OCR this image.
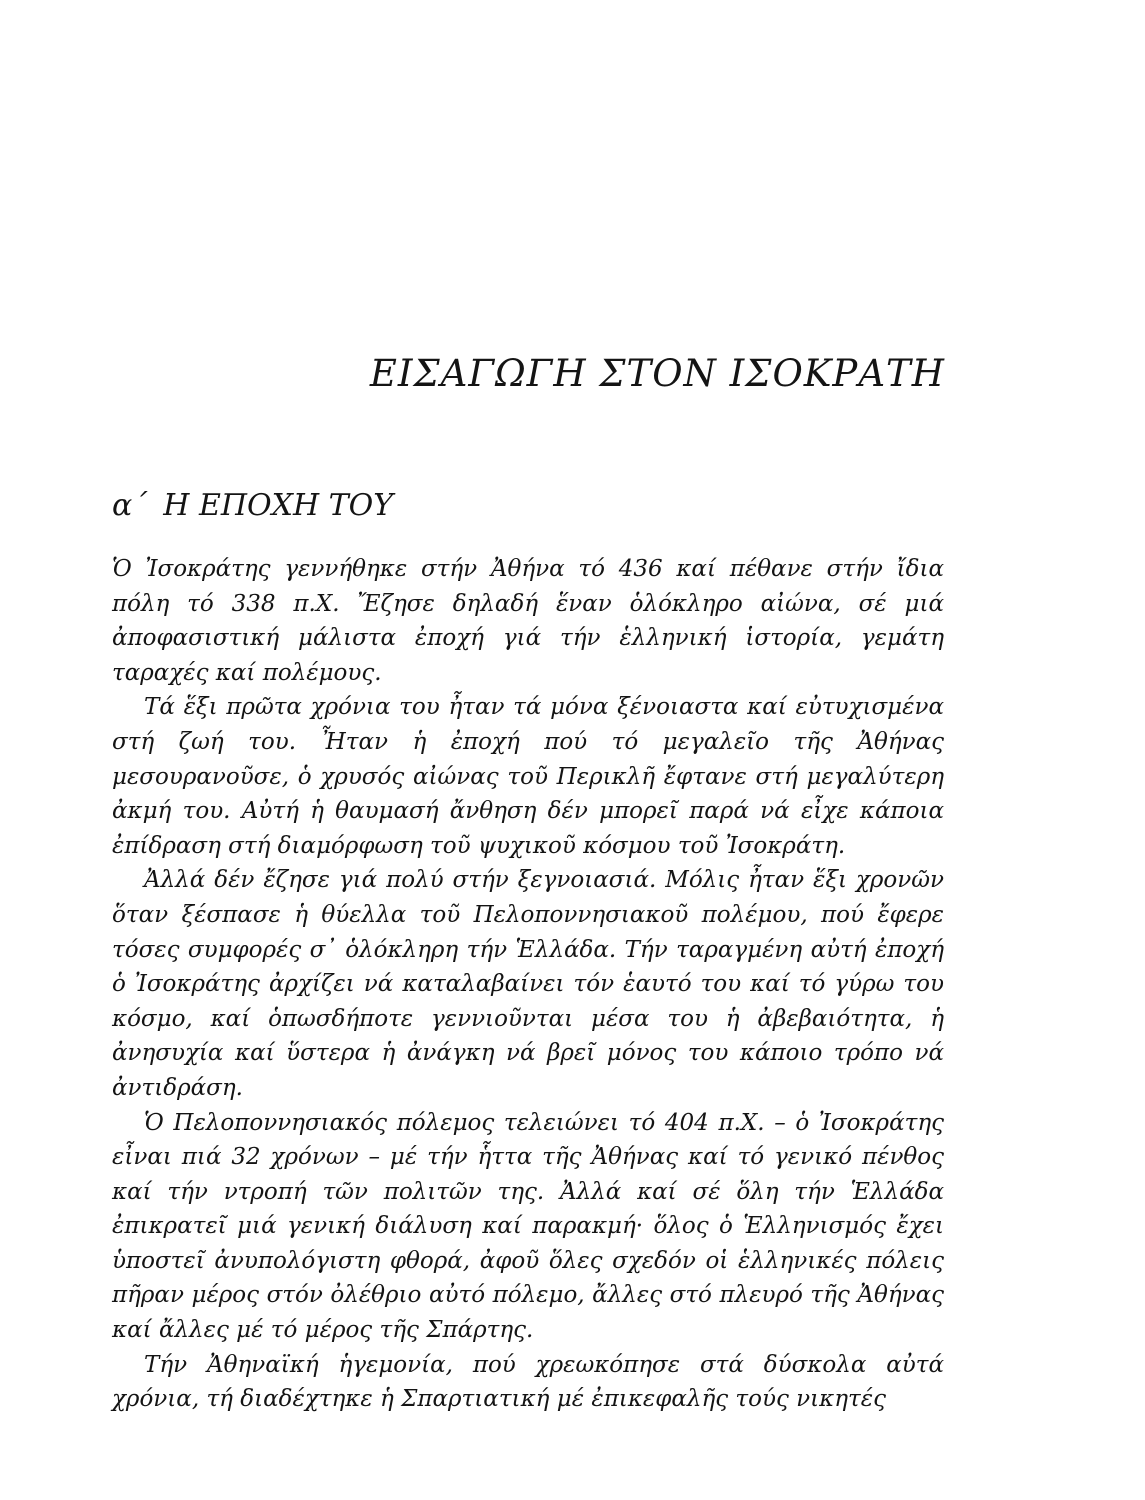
ΕΙΣΑΓΩΓΗ ΣΤΟΝ ΙΣΟΚΡΑΤΗ
α΄ Η ΕΠΟΧΗ ΤΟΥ

Ὁ Ἰσοκράτης γεννήθηκε στήν Ἀθήνα τό 436 καί πέθανε στήν ἴδια πόλη τό 338 π.Χ. Ἔζησε δηλαδή ἕναν ὁλόκληρο αἰώνα, σέ μιά ἀποφασιστική μάλιστα ἐποχή γιά τήν ἑλληνική ἱστορία, γεμάτη ταραχές καί πολέμους.

Τά ἕξι πρῶτα χρόνια του ἦταν τά μόνα ξένοιαστα καί εὐτυχισμένα στή ζωή του. Ἦταν ἡ ἐποχή πού τό μεγαλεῖο τῆς Ἀθήνας μεσουρανοῦσε, ὁ χρυσός αἰώνας τοῦ Περικλῆ ἔφτανε στή μεγαλύτερη ἀκμή του. Αὐτή ἡ θαυμασή ἄνθηση δέν μπορεῖ παρά νά εἶχε κάποια ἐπίδραση στή διαμόρφωση τοῦ ψυχικοῦ κόσμου τοῦ Ἰσοκράτη.

Ἀλλά δέν ἔζησε γιά πολύ στήν ξεγνοιασιά. Μόλις ἦταν ἕξι χρονῶν ὅταν ξέσπασε ἡ θύελλα τοῦ Πελοποννησιακοῦ πολέμου, πού ἔφερε τόσες συμφορές σ᾽ ὁλόκληρη τήν Ἑλλάδα. Τήν ταραγμένη αὐτή ἐποχή ὁ Ἰσοκράτης ἀρχίζει νά καταλαβαίνει τόν ἑαυτό του καί τό γύρω του κόσμο, καί ὁπωσδήποτε γεννιοῦνται μέσα του ἡ ἀβεβαιότητα, ἡ ἀνησυχία καί ὕστερα ἡ ἀνάγκη νά βρεῖ μόνος του κάποιο τρόπο νά ἀντιδράση.

Ὁ Πελοποννησιακός πόλεμος τελειώνει τό 404 π.Χ. – ὁ Ἰσοκράτης εἶναι πιά 32 χρόνων – μέ τήν ἧττα τῆς Ἀθήνας καί τό γενικό πένθος καί τήν ντροπή τῶν πολιτῶν της. Ἀλλά καί σέ ὅλη τήν Ἑλλάδα ἐπικρατεῖ μιά γενική διάλυση καί παρακμή· ὅλος ὁ Ἑλληνισμός ἔχει ὑποστεῖ ἀνυπολόγιστη φθορά, ἀφοῦ ὅλες σχεδόν οἱ ἑλληνικές πόλεις πῆραν μέρος στόν ὀλέθριο αὐτό πόλεμο, ἄλλες στό πλευρό τῆς Ἀθήνας καί ἄλλες μέ τό μέρος τῆς Σπάρτης.

Τήν Ἀθηναϊκή ἡγεμονία, πού χρεωκόπησε στά δύσκολα αὐτά χρόνια, τή διαδέχτηκε ἡ Σπαρτιατική μέ ἐπικεφαλῆς τούς νικητές
